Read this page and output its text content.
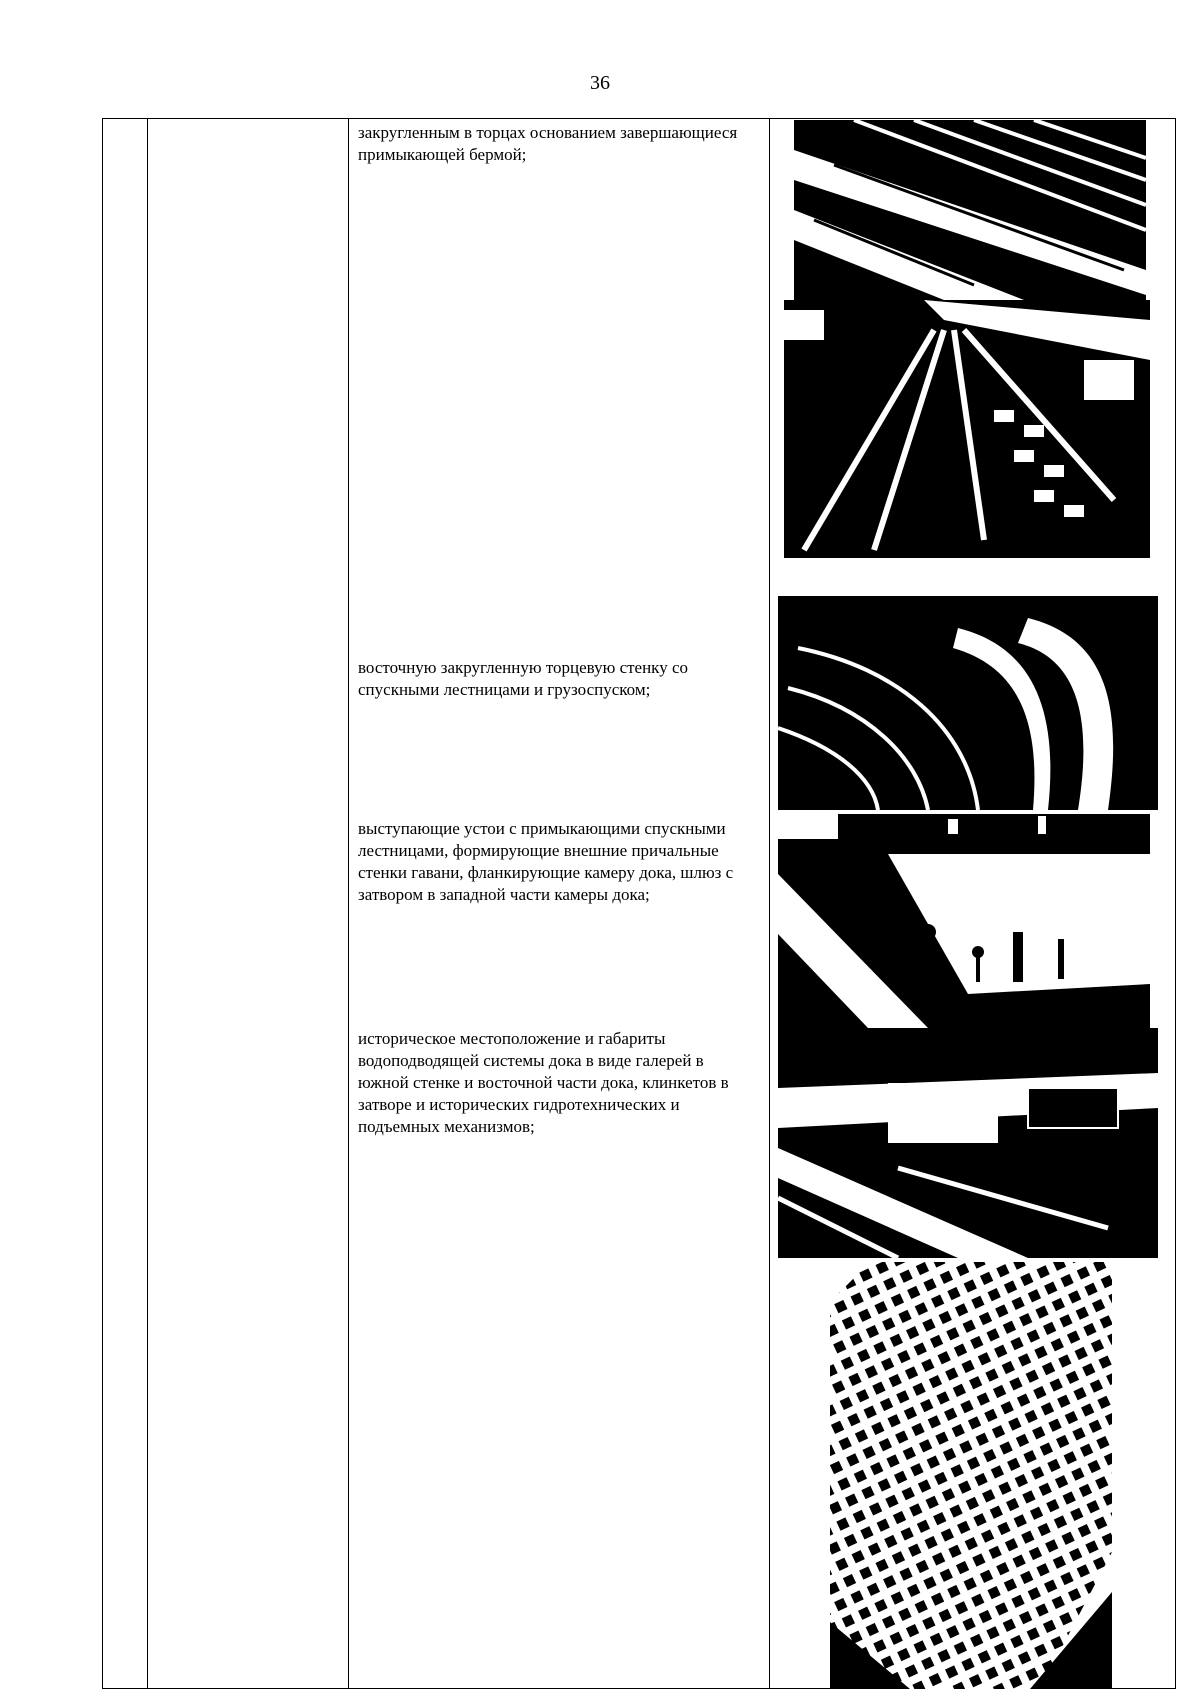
36
закругленным в торцах основанием завершающиеся примыкающей бермой;
восточную закругленную торцевую стенку со спускными лестницами и грузоспуском;
выступающие устои с примыкающими спускными лестницами, формирующие внешние причальные стенки гавани, фланкирующие камеру дока, шлюз с затвором в западной части камеры дока;
историческое местоположение и габариты водоподводящей системы дока в виде галерей в южной стенке и восточной части дока, клинкетов в затворе и исторических гидротехнических и подъемных механизмов;
